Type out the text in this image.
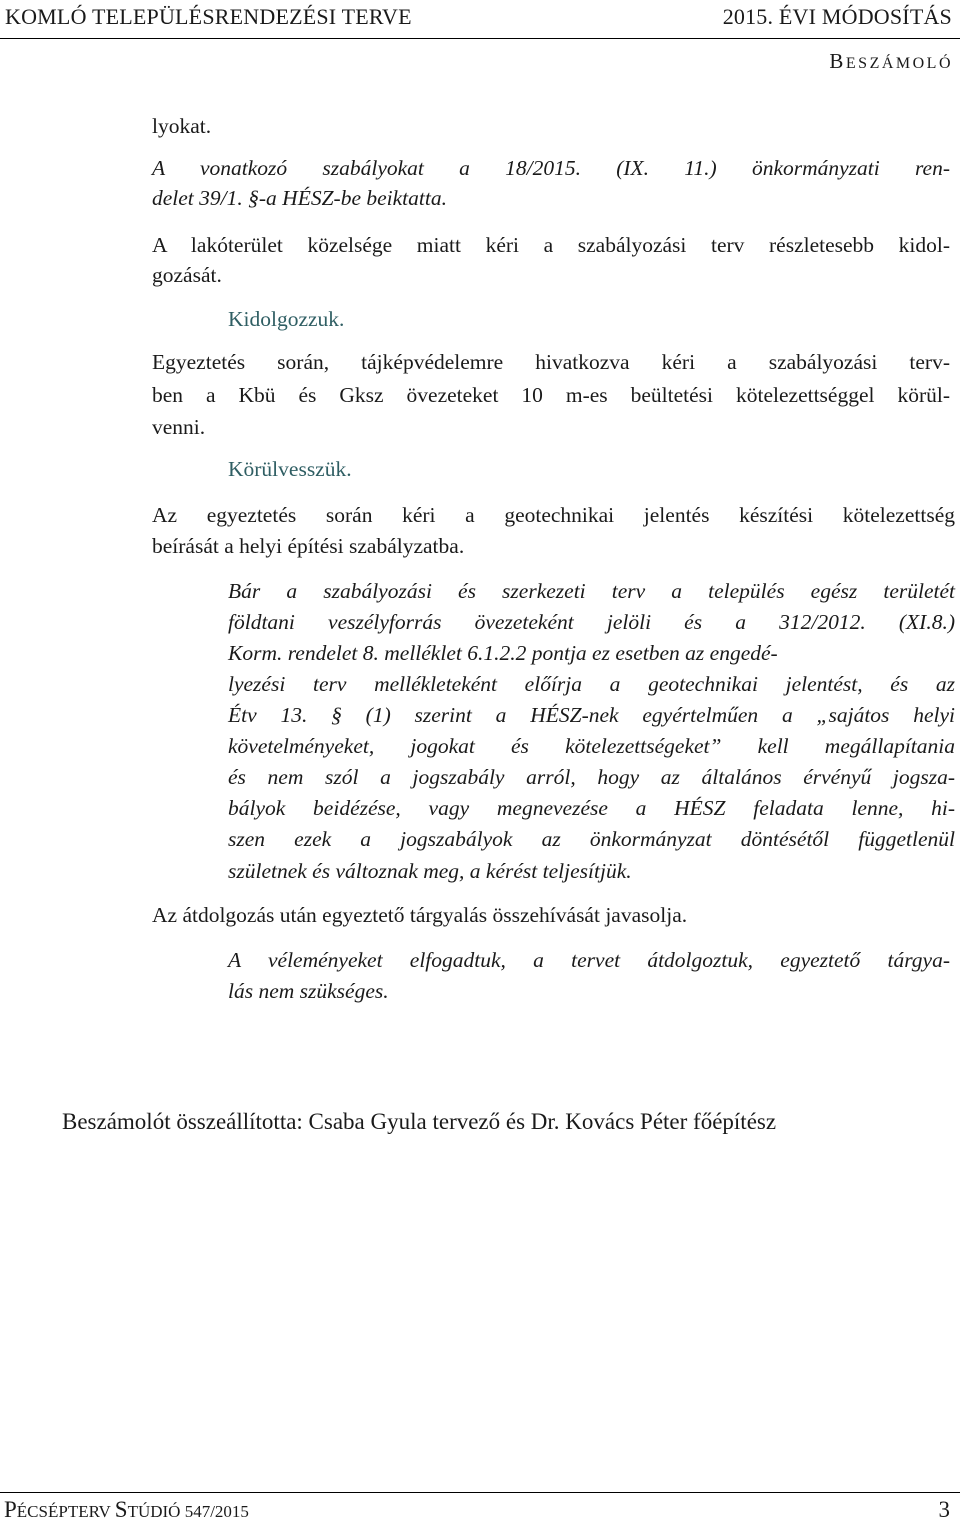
KOMLÓ TELEPÜLÉSRENDEZÉSI TERVE	2015. ÉVI MÓDOSÍTÁS
BESZÁMOLÓ
lyokat.
A vonatkozó szabályokat a 18/2015. (IX. 11.) önkormányzati ren-
delet 39/1. §-a HÉSZ-be beiktatta.
A lakóterület közelsége miatt kéri a szabályozási terv részletesebb kidol-
gozását.
Kidolgozzuk.
Egyeztetés során, tájképvédelemre hivatkozva kéri a szabályozási terv-
ben a Kbü és Gksz övezeteket 10 m-es beültetési kötelezettséggel körül-
venni.
Körülvesszük.
Az egyeztetés során kéri a geotechnikai jelentés készítési kötelezettség
beírását a helyi építési szabályzatba.
Bár a szabályozási és szerkezeti terv a település egész területét
földtani veszélyforrás övezeteként jelöli és a 312/2012. (XI.8.)
Korm. rendelet 8. melléklet 6.1.2.2 pontja ez esetben az engedé-
lyezési terv mellékleteként előírja a geotechnikai jelentést, és az
Étv 13. § (1) szerint a HÉSZ-nek egyértelműen a „sajátos helyi
követelményeket, jogokat és kötelezettségeket” kell megállapítania
és nem szól a jogszabály arról, hogy az általános érvényű jogsza-
bályok beidézése, vagy megnevezése a HÉSZ feladata lenne, hi-
szen ezek a jogszabályok az önkormányzat döntésétől függetlenül
születnek és változnak meg, a kérést teljesítjük.
Az átdolgozás után egyeztető tárgyalás összehívását javasolja.
A véleményeket elfogadtuk, a tervet átdolgoztuk, egyeztető tárgya-
lás nem szükséges.
Beszámolót összeállította: Csaba Gyula tervező és Dr. Kovács Péter főépítész
PÉCSÉPTERV STÚDIÓ 547/2015	3
